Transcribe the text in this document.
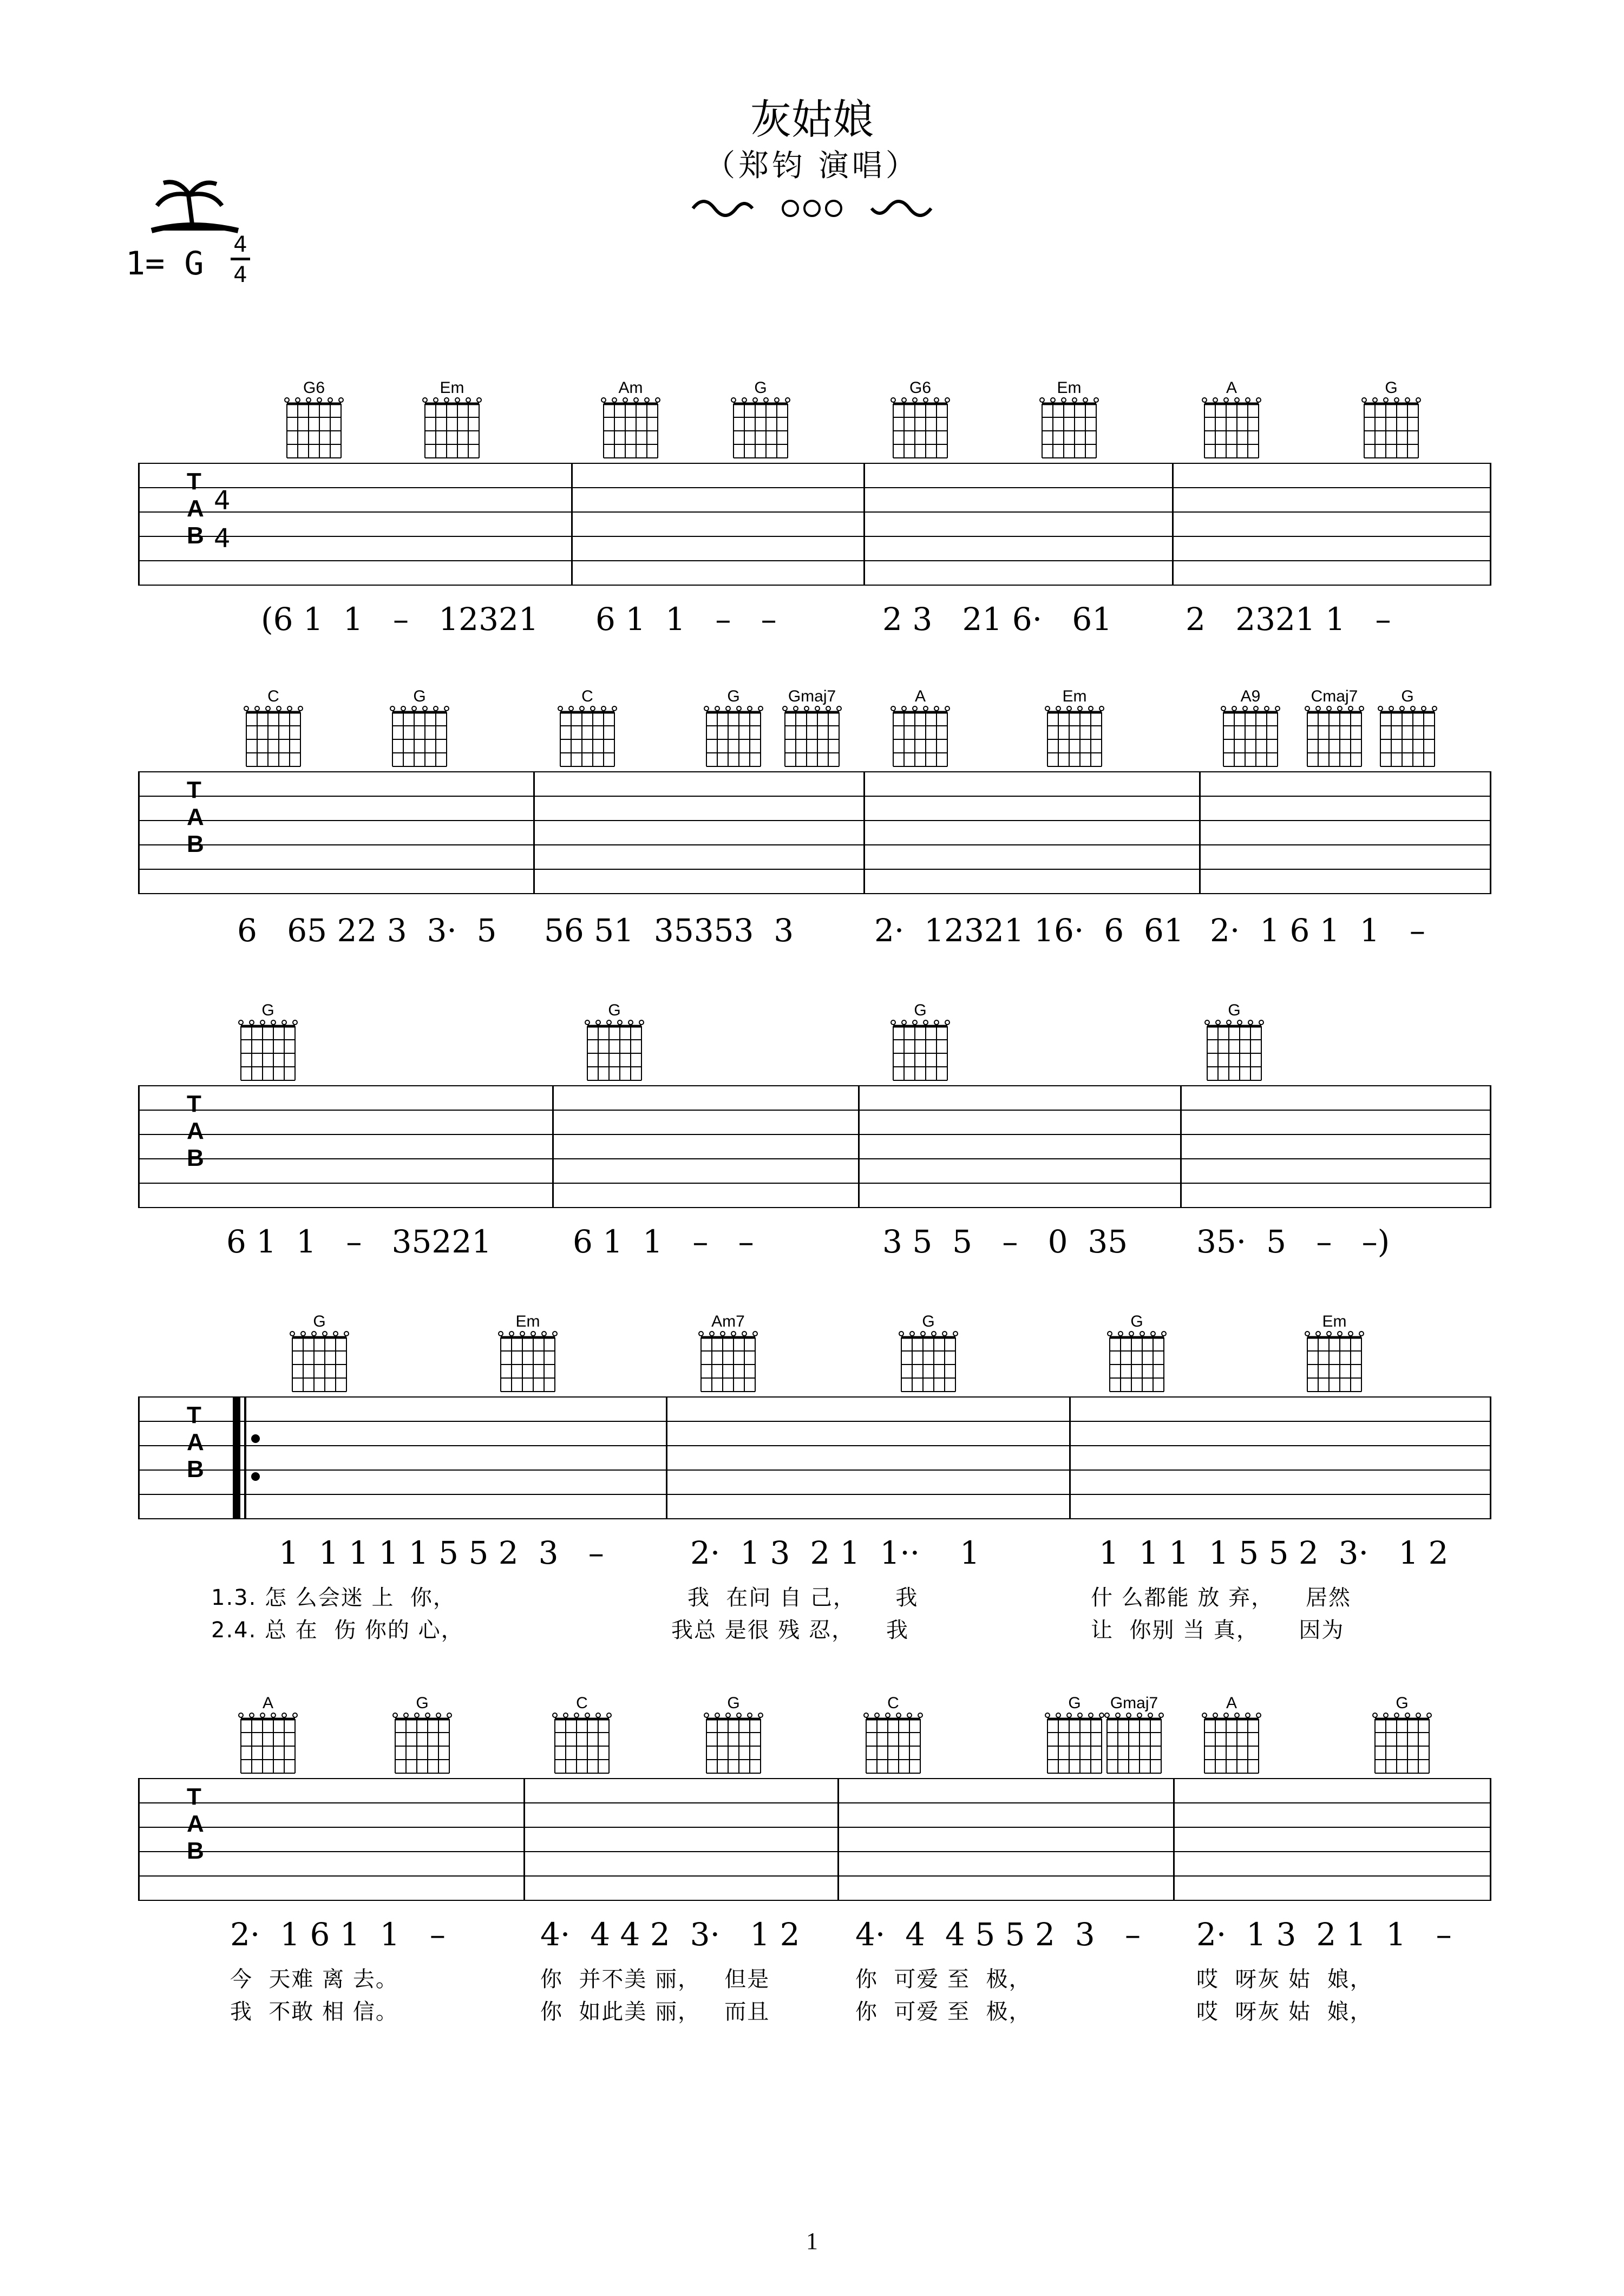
灰姑娘
（郑钧 演唱）
1= G 4
4
T
A
B
4
4
(6 1  1   –   12321 6 1  1   –   –	2 3   21 6·   61 2   2321 1   –
T
A
B
6   65 22 3  3·  5 56 51  35353  3	2·  12321 16·  6  61 2·  1 6 1  1   –
T
A
B
6 1  1   –   35221	6 1  1   –   –	3 5  5   –   0  35 35·  5   –   –)
T
A
B
1  1 1 1 1 5 5 2  3   –	2·  1 3  2 1  1··    1	1  1 1  1 5 5 2  3·   1 2
1.3. 怎 么会迷 上  你，	我  在问 自 己，     我	什 么都能 放 弃，    居然
2.4. 总 在  伤 你的 心，	我总 是很 残 忍，    我	让  你别 当 真，     因为
T
A
B
2·  1 6 1  1   –	4·  4 4 2  3·   1 2 4·  4  4 5 5 2  3   – 2·  1 3  2 1  1   –
今  天难 离 去。	你  并不美 丽，   但是	你  可爱 至  极，	哎  呀灰 姑  娘，
我  不敢 相 信。	你  如此美 丽，   而且	你  可爱 至  极，	哎  呀灰 姑  娘，
1
G6	Em	Am	G	G6	Em	A	G
C	G	C	G	Gmaj7	A	Em	A9	Cmaj7	G
G	G	G	G
G	Em	Am7	G	G	Em
A	G	C	G	C	G	Gmaj7	A	G
